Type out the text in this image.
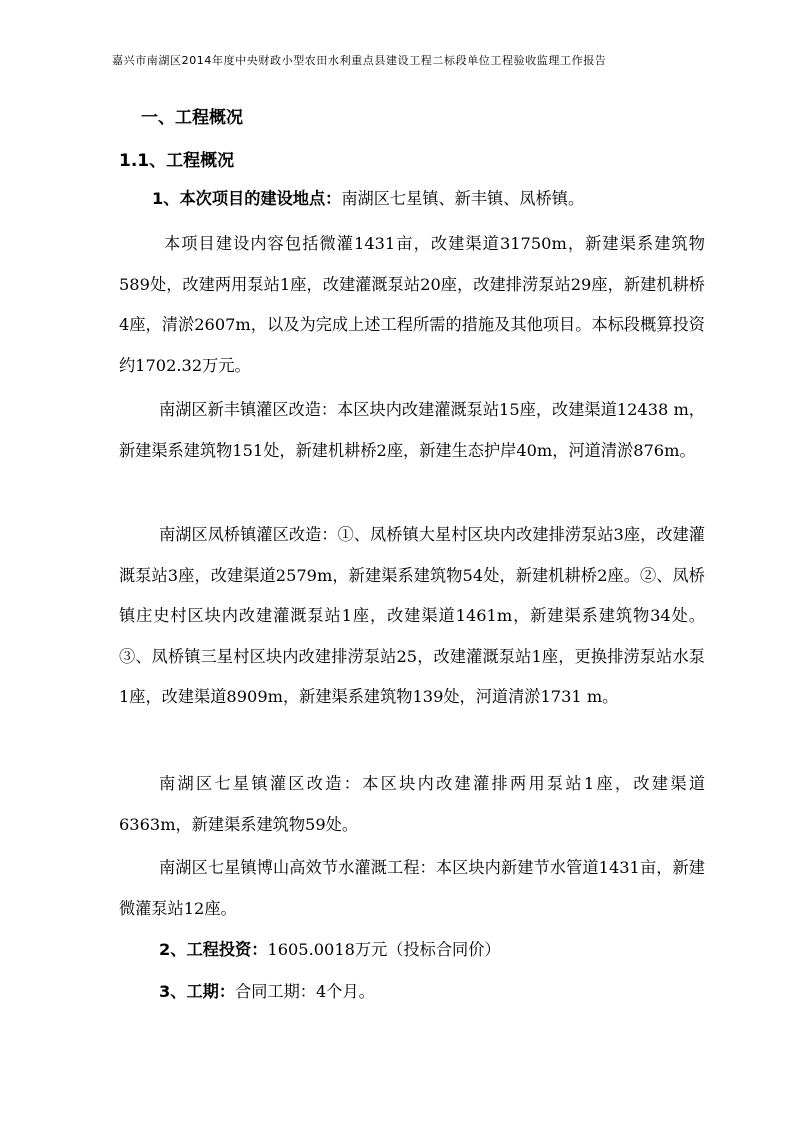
嘉兴市南湖区2014年度中央财政小型农田水利重点县建设工程二标段单位工程验收监理工作报告
一、工程概况
1.1、工程概况
1、本次项目的建设地点：南湖区七星镇、新丰镇、凤桥镇。
本项目建设内容包括微灌1431亩，改建渠道31750m，新建渠系建筑物589处，改建两用泵站1座，改建灌溉泵站20座，改建排涝泵站29座，新建机耕桥4座，清淤2607m，以及为完成上述工程所需的措施及其他项目。本标段概算投资约1702.32万元。
南湖区新丰镇灌区改造：本区块内改建灌溉泵站15座，改建渠道12438 m，新建渠系建筑物151处，新建机耕桥2座，新建生态护岸40m，河道清淤876m。
南湖区凤桥镇灌区改造：①、凤桥镇大星村区块内改建排涝泵站3座，改建灌溉泵站3座，改建渠道2579m，新建渠系建筑物54处，新建机耕桥2座。②、凤桥镇庄史村区块内改建灌溉泵站1座，改建渠道1461m，新建渠系建筑物34处。③、凤桥镇三星村区块内改建排涝泵站25，改建灌溉泵站1座，更换排涝泵站水泵1座，改建渠道8909m，新建渠系建筑物139处，河道清淤1731 m。
南湖区七星镇灌区改造：本区块内改建灌排两用泵站1座，改建渠道6363m，新建渠系建筑物59处。
南湖区七星镇博山高效节水灌溉工程：本区块内新建节水管道1431亩，新建微灌泵站12座。
2、工程投资：1605.0018万元（投标合同价）
3、工期：合同工期：4个月。
